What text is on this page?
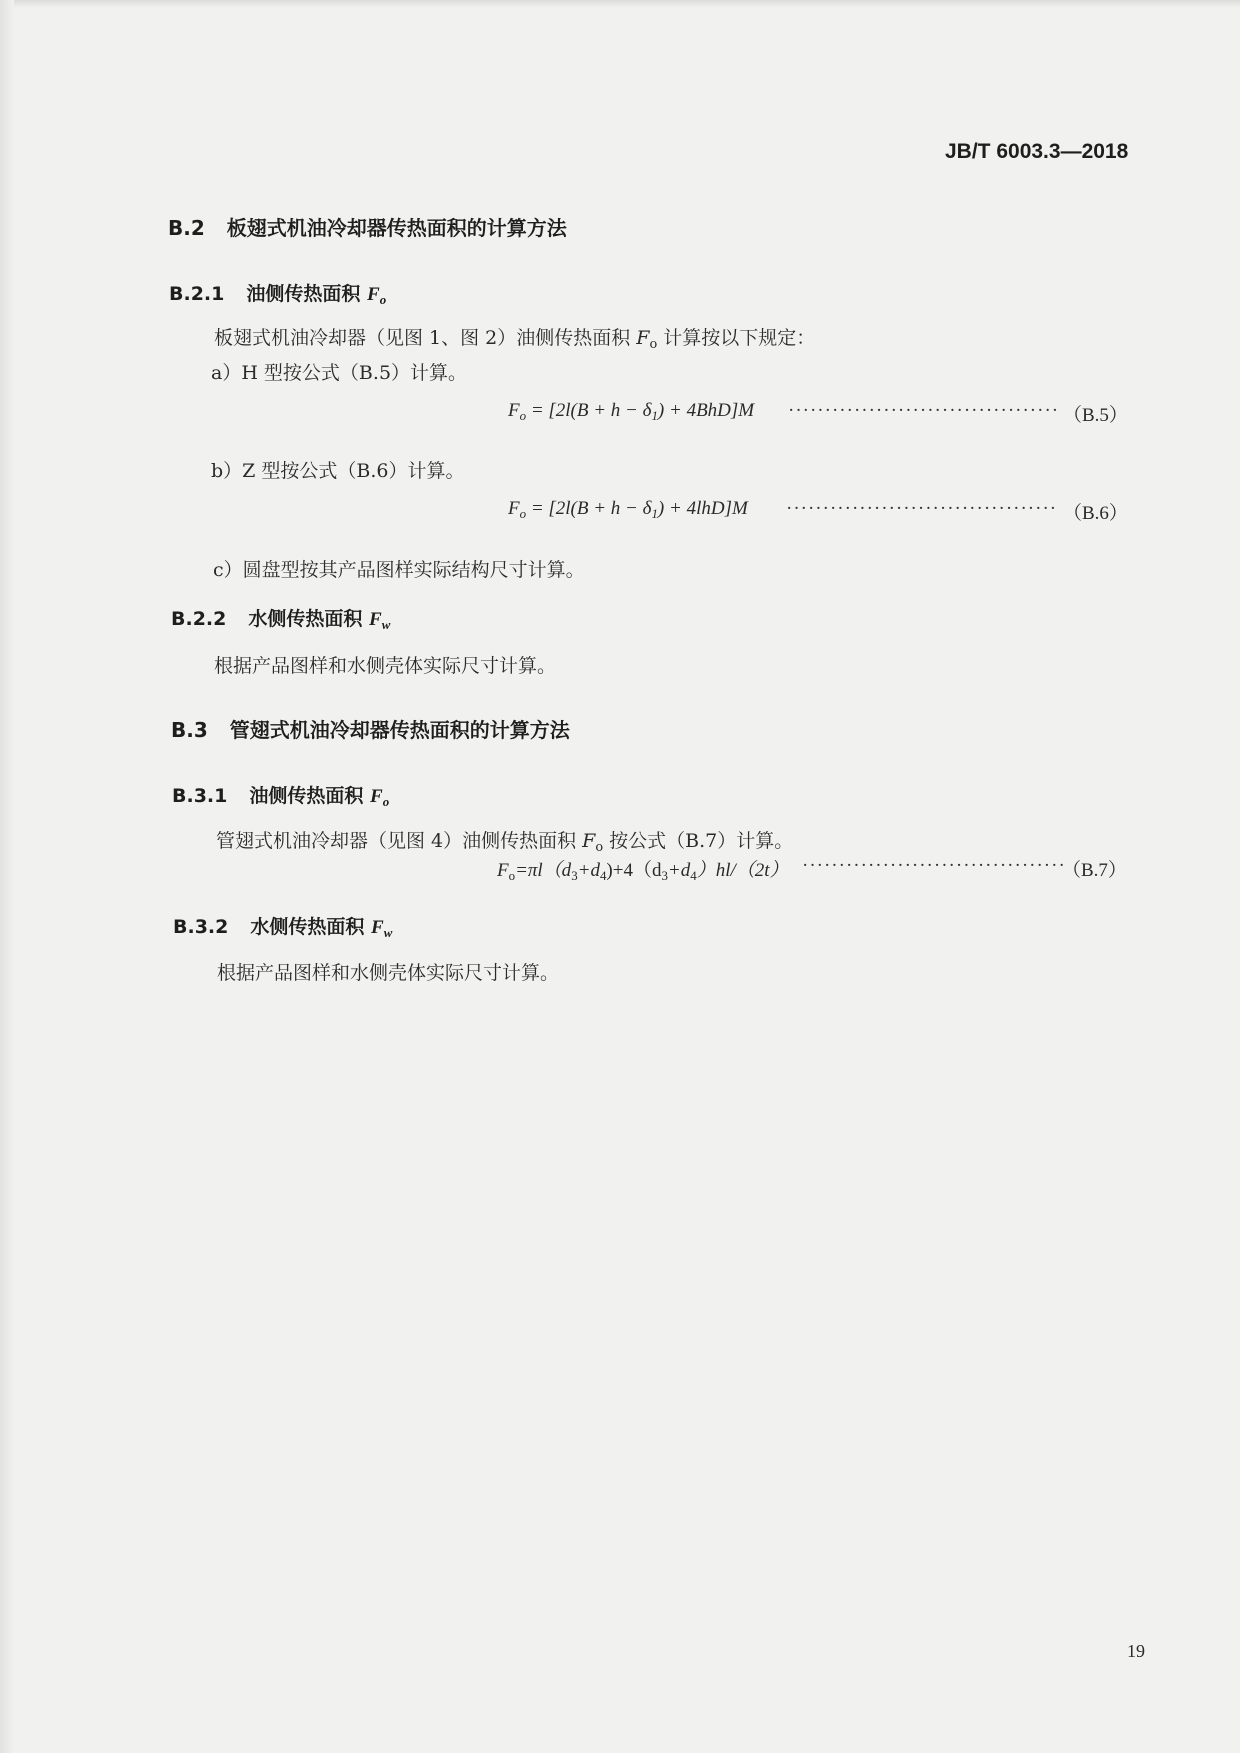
JB/T 6003.3—2018
B.2 板翅式机油冷却器传热面积的计算方法
B.2.1 油侧传热面积 $F_o$
板翅式机油冷却器（见图 1、图 2）油侧传热面积 $F_o$ 计算按以下规定：
a）H 型按公式（B.5）计算。
$F_o = [2l(B + h - \delta_1) + 4BhD]M$ ····································· （B.5）
b）Z 型按公式（B.6）计算。
$F_o = [2l(B + h - \delta_1) + 4lhD]M$ ····································· （B.6）
c）圆盘型按其产品图样实际结构尺寸计算。
B.2.2 水侧传热面积 $F_w$
根据产品图样和水侧壳体实际尺寸计算。
B.3 管翅式机油冷却器传热面积的计算方法
B.3.1 油侧传热面积 $F_o$
管翅式机油冷却器（见图 4）油侧传热面积 $F_o$ 按公式（B.7）计算。
$F_o=\pi l(d_3+d_4)+4(d_3+d_4)hl/(2t)$ ····································
（B.7）
B.3.2 水侧传热面积 $F_w$
根据产品图样和水侧壳体实际尺寸计算。
19
